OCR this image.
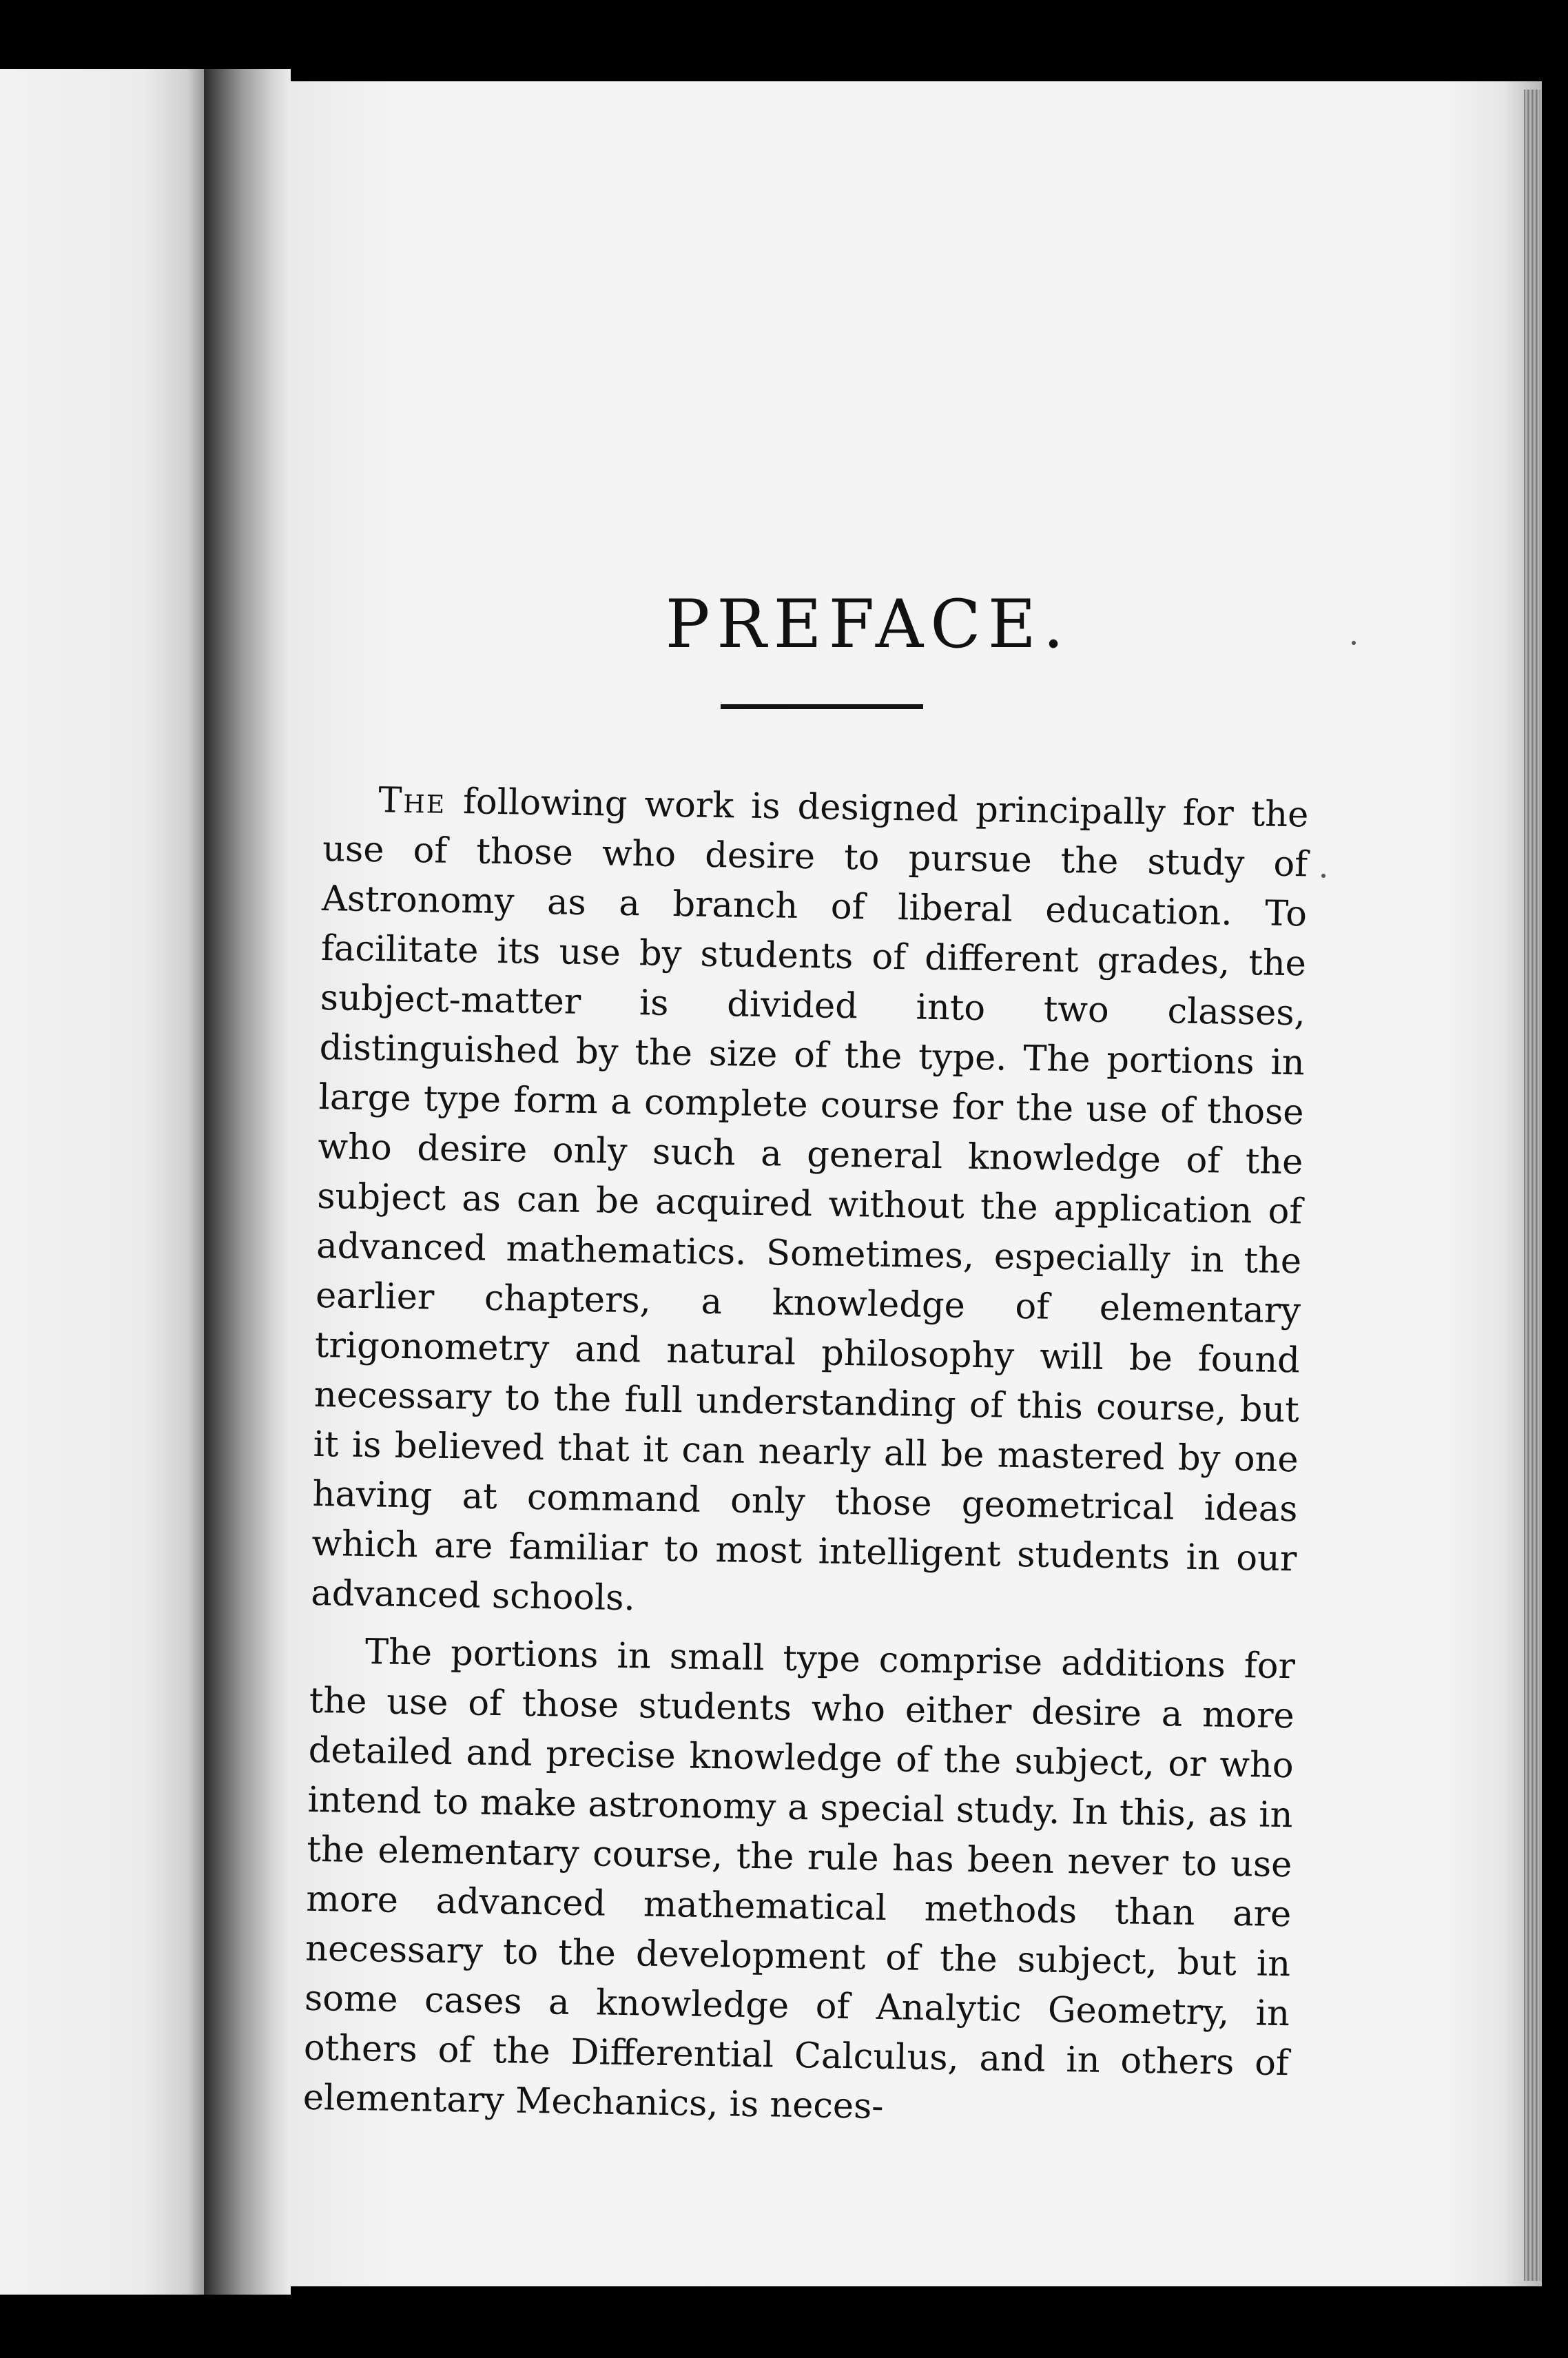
PREFACE.

The following work is designed principally for the use of those who desire to pursue the study of Astronomy as a branch of liberal education. To facilitate its use by students of different grades, the subject-matter is divided into two classes, distinguished by the size of the type. The portions in large type form a complete course for the use of those who desire only such a general knowledge of the subject as can be acquired without the application of advanced mathematics. Sometimes, especially in the earlier chapters, a knowledge of elementary trigonometry and natural philosophy will be found necessary to the full understanding of this course, but it is believed that it can nearly all be mastered by one having at command only those geometrical ideas which are familiar to most intelligent students in our advanced schools.

The portions in small type comprise additions for the use of those students who either desire a more detailed and precise knowledge of the subject, or who intend to make astronomy a special study. In this, as in the elementary course, the rule has been never to use more advanced mathematical methods than are necessary to the development of the subject, but in some cases a knowledge of Analytic Geometry, in others of the Differential Calculus, and in others of elementary Mechanics, is neces-
